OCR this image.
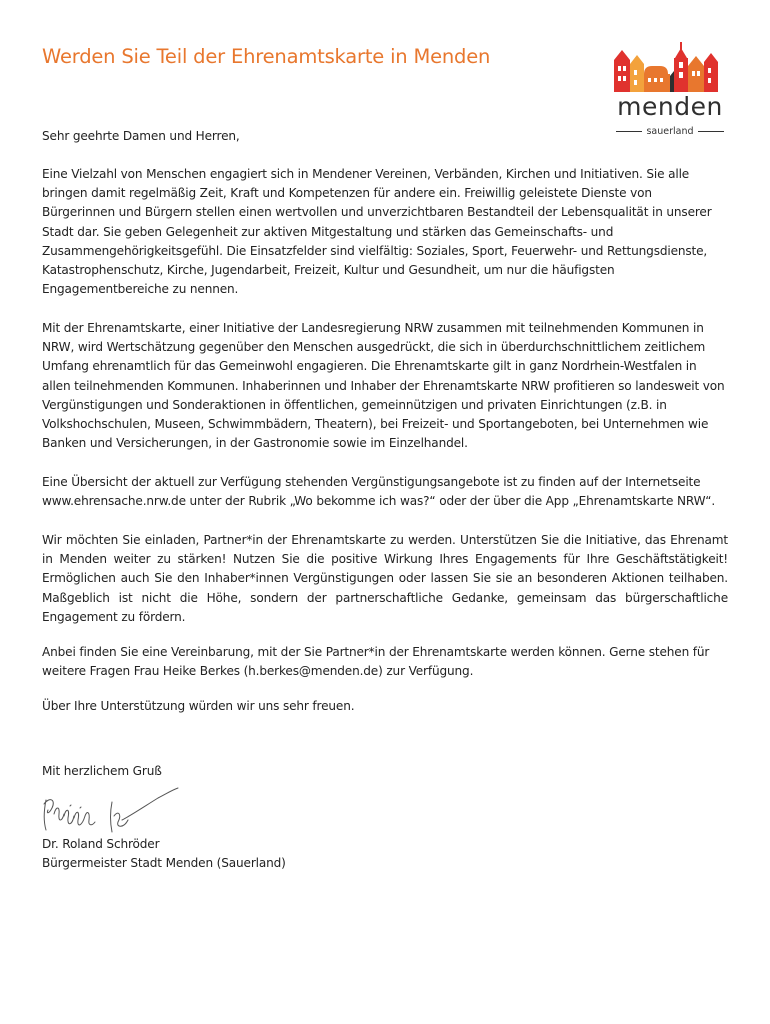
Werden Sie Teil der Ehrenamtskarte in Menden
menden
sauerland

Sehr geehrte Damen und Herren,

Eine Vielzahl von Menschen engagiert sich in Mendener Vereinen, Verbänden, Kirchen und Initiativen. Sie alle bringen damit regelmäßig Zeit, Kraft und Kompetenzen für andere ein. Freiwillig geleistete Dienste von Bürgerinnen und Bürgern stellen einen wertvollen und unverzichtbaren Bestandteil der Lebensqualität in unserer Stadt dar. Sie geben Gelegenheit zur aktiven Mitgestaltung und stärken das Gemeinschafts- und Zusammengehörigkeitsgefühl. Die Einsatzfelder sind vielfältig: Soziales, Sport, Feuerwehr- und Rettungsdienste, Katastrophenschutz, Kirche, Jugendarbeit, Freizeit, Kultur und Gesundheit, um nur die häufigsten Engagementbereiche zu nennen.

Mit der Ehrenamtskarte, einer Initiative der Landesregierung NRW zusammen mit teilnehmenden Kommunen in NRW, wird Wertschätzung gegenüber den Menschen ausgedrückt, die sich in überdurchschnittlichem zeitlichem Umfang ehrenamtlich für das Gemeinwohl engagieren. Die Ehrenamtskarte gilt in ganz Nordrhein-Westfalen in allen teilnehmenden Kommunen. Inhaberinnen und Inhaber der Ehrenamtskarte NRW profitieren so landesweit von Vergünstigungen und Sonderaktionen in öffentlichen, gemeinnützigen und privaten Einrichtungen (z.B. in Volkshochschulen, Museen, Schwimmbädern, Theatern), bei Freizeit- und Sportangeboten, bei Unternehmen wie Banken und Versicherungen, in der Gastronomie sowie im Einzelhandel.

Eine Übersicht der aktuell zur Verfügung stehenden Vergünstigungsangebote ist zu finden auf der Internetseite www.ehrensache.nrw.de unter der Rubrik „Wo bekomme ich was?“ oder der über die App „Ehrenamtskarte NRW“.

Wir möchten Sie einladen, Partner*in der Ehrenamtskarte zu werden. Unterstützen Sie die Initiative, das Ehrenamt in Menden weiter zu stärken! Nutzen Sie die positive Wirkung Ihres Engagements für Ihre Geschäftstätigkeit! Ermöglichen auch Sie den Inhaber*innen Vergünstigungen oder lassen Sie sie an besonderen Aktionen teilhaben. Maßgeblich ist nicht die Höhe, sondern der partnerschaftliche Gedanke, gemeinsam das bürgerschaftliche Engagement zu fördern.

Anbei finden Sie eine Vereinbarung, mit der Sie Partner*in der Ehrenamtskarte werden können. Gerne stehen für weitere Fragen Frau Heike Berkes (h.berkes@menden.de) zur Verfügung.

Über Ihre Unterstützung würden wir uns sehr freuen.

Mit herzlichem Gruß

Dr. Roland Schröder

Bürgermeister Stadt Menden (Sauerland)
